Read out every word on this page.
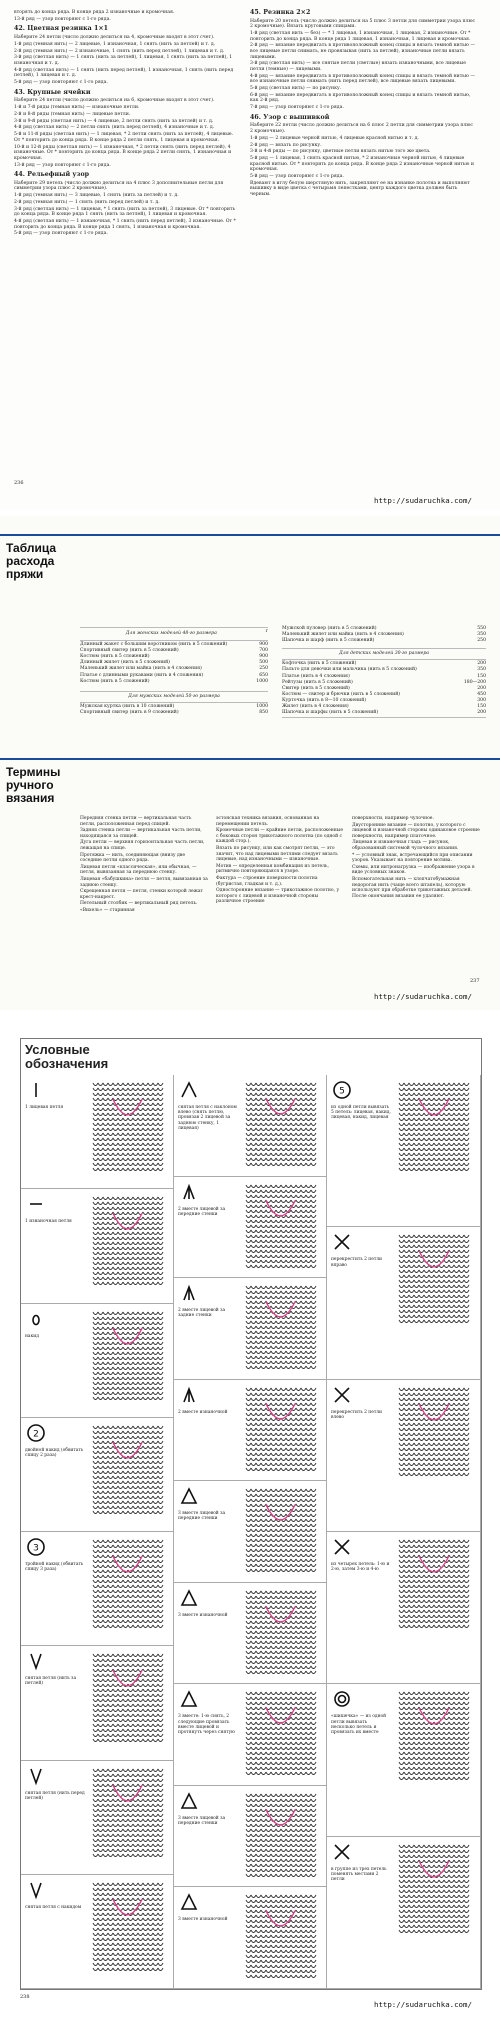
вторять до конца ряда. В конце ряда 2 изнаночные и кромочная.

13-й ряд — узор повторяют с 1-го ряда.

42. Цветная резинка 1×1

Наберите 24 петли (число должно делиться на 4, кромочные входят в этот счет).

1-й ряд (темная нить) — 2 лицевые, 1 изнаночная, 1 снять (нить за петлей) и т. д.

2-й ряд (темная нить) — 2 изнаночные, 1 снять (нить перед петлей), 1 лицевая и т. д.

3-й ряд (светлая нить) — 1 снять (нить за петлей), 1 лицевая, 1 снять (нить за петлей), 1 изнаночная и т. д.

4-й ряд (светлая нить) — 1 снять (нить перед петлей), 1 изнаночная, 1 снять (нить перед петлей), 1 лицевая и т. д.

5-й ряд — узор повторяют с 1-го ряда.

43. Крупные ячейки

Наберите 24 петли (число должно делиться на 6, кромочные входят в этот счет).

1-й и 7-й ряды (темная нить) — изнаночные петли.

2-й и 8-й ряды (темная нить) — лицевые петли.

3-й и 9-й ряды (светлая нить) — 4 лицевые, 2 петли снять (нить за петлей) и т. д.

4-й ряд (светлая нить) — 2 петли снять (нить перед петлей), 4 изнаночные и т. д.

5-й и 11-й ряды (светлая нить) — 1 лицевая, * 2 петли снять (нить за петлей), 4 лицевые. От * повторить до конца ряда. В конце ряда 2 петли снять, 1 лицевая и кромочная.

10-й и 12-й ряды (светлая нить) — 1 изнаночная, * 2 петли снять (нить перед петлей), 4 изнаночные. От * повторить до конца ряда. В конце ряда 2 петли снять, 1 изнаночная и кромочная.

13-й ряд — узор повторяют с 1-го ряда.

44. Рельефный узор

Наберите 29 петель (число должно делиться на 4 плюс 3 дополнительные петли для симметрии узора плюс 2 кромочные).

1-й ряд (темная нить) — 3 лицевые, 1 снять (нить за петлей) и т. д.

2-й ряд (темная нить) — 1 снять (нить перед петлей) и т. д.

3-й ряд (светлая нить) — 1 лицевая, * 1 снять (нить за петлей), 3 лицевые. От * повторить до конца ряда. В конце ряда 1 снять (нить за петлей), 1 лицевая и кромочная.

4-й ряд (светлая нить) — 1 изнаночная, * 1 снять (нить перед петлей), 3 изнаночные. От * повторить до конца ряда. В конце ряда 1 снять, 1 изнаночная и кромочная.

5-й ряд — узор повторяют с 1-го ряда.

45. Резинка 2×2

Наберите 20 петель (число должно делиться на 5 плюс 3 петли для симметрии узора плюс 2 кромочные). Вязать круговыми спицами.

1-й ряд (светлая нить — без) — * 1 лицевая, 1 изнаночная, 1 лицевая, 2 изнаночные. От * повторить до конца ряда. В конце ряда 1 лицевая, 1 изнаночная, 1 лицевая и кромочная.

2-й ряд — вязание передвигать в противоположный конец спицы и вязать темной нитью — все лицевые петли снимать, не провязывая (нить за петлей), изнаночные петли вязать лицевыми.

3-й ряд (светлая нить) — все снятые петли (светлые) вязать изнаночными, все лицевые петли (темные) — лицевыми.

4-й ряд — вязание передвигать в противоположный конец спицы и вязать темной нитью — все изнаночные петли снимать (нить перед петлей), все лицевые вязать лицевыми.

5-й ряд (светлая нить) — по рисунку.

6-й ряд — вязание передвигать в противоположный конец спицы и вязать темной нитью, как 2-й ряд.

7-й ряд — узор повторяют с 1-го ряда.

46. Узор с вышивкой

Наберите 22 петли (число должно делиться на 6 плюс 2 петли для симметрии узора плюс 2 кромочные).

1-й ряд — 2 лицевые черной нитью, 4 лицевые красной нитью и т. д.

2-й ряд — вязать по рисунку.

3-й и 4-й ряды — по рисунку, цветные петли вязать нитью того же цвета.

5-й ряд — 1 лицевая, 1 снять красной нитью, * 2 изнаночные черной нитью, 4 лицевые красной нитью. От * повторить до конца ряда. В конце ряда 2 изнаночные черной нитью и кромочная.

5-й ряд — узор повторяют с 1-го ряда.

Вдевают в иглу белую шерстяную нить, закрепляют ее на изнанке полотна и выполняют вышивку в виде цветка с четырьмя лепестками, центр каждого цветка должен быть черным.

236
http://sudaruchka.com/
Таблица
расхода
пряжи
Для женских моделей 48-го размера	г
Длинный жакет с большим воротником (нить в 5 сложений)	900
Спортивный свитер (нить в 5 сложений)	700
Костюм (нить в 5 сложений)	900
Длинный жилет (нить в 5 сложений)	500
Маленький жилет или майка (нить в 4 сложения)	250
Платье с длинными рукавами (нить в 4 сложения)	650
Костюм (нить в 5 сложений)	1000
Для мужских моделей 50-го размера
Мужская куртка (нить в 10 сложений)	1000
Спортивный свитер (нить в 9 сложений)	850
Мужской пуловер (нить в 5 сложений)	550
Маленький жилет или майка (нить в 4 сложения)	350
Шапочка и шарф (нить в 5 сложений)	250
Для детских моделей 30-го размера
Кофточка (нить в 5 сложений)	200
Пальто для девочки или мальчика (нить в 5 сложений)	350
Платье (нить в 4 сложения)	150
Рейтузы (нить в 5 сложений)	180—200
Свитер (нить в 5 сложений)	200
Костюм — свитер и брючки (нить в 5 сложений)	450
Курточка (нить в 8—10 сложений)	300
Жилет (нить в 4 сложения)	150
Шапочка и шарфы (нить в 5 сложений)	200
Термины
ручного
вязания

Передняя стенка петли — вертикальная часть петли, расположенная перед спицей.

Задняя стенка петли — вертикальная часть петли, находящаяся за спицей.

Дуга петли — верхняя горизонтальная часть петли, лежащая на спице.

Протяжка — нить, соединяющая (внизу две соседние петли одного ряда.

Лицевая петля «классическая», или обычная, — петля, вывязанная за переднюю стенку.

Лицевая «бабушкина» петля — петля, вывязанная за заднюю стенку.

Скрещенная петля — петля, стенки которой лежат крест-накрест.

Петельный столбик — вертикальный ряд петель.

«Вихель» — старинная

эстонская техника вязания, основанная на перемещении петель.

Кромочные петли — крайние петли, расположенные с боковых сторон трикотажного полотна (по одной с каждой стор.).

Вязать по рисунку, или как смотрят петли, — это значит, что над лицевыми петлями следует вязать лицевые, над изнаночными — изнаночные.

Мотив — определенная комбинация из петель, ритмично повторяющаяся в узоре.

Фактура — строение поверхности полотна (бугристая, гладкая и т. д.).

Односторонние вязание — трикотажное полотно, у которого с лицевой и изнаночной стороны различное строение

поверхности, например чулочное.

Двусторонние вязание — полотно, у которого с лицевой и изнаночной стороны одинаковое строение поверхности, например платочное.

Лицевая и изнаночная гладь — рисунок, образованный системой чулочного вязания.

* — условный знак, встречающийся при описании узоров. Указывает на повторение мотива.

Схемы, или нитронагрузка — изображение узора в виде условных знаков.

Вспомогательная нить — хлопчатобумажная недорогая нить (чаще всего штапель), которую используют при обработке трикотажных деталей. После окончания вязания ее удаляют.

237
http://sudaruchka.com/
Условные
обозначения
1 лицевая петля
1 изнаночная петля
накид
2
двойной накид (обвитать спицу 2 раза)
3
тройной накид (обвитать спицу 3 раза)
снятая петля (нить за петлей)
снятая петля (нить перед петлей)
снятая петля с накидом
снятая петля с наклоном влево (снять петлю, провязав 2 лицевой за заднюю стенку, 1 лицевая)
2 вместе лицевой за передние стенки
2 вместе лицевой за задние стенки
2 вместе изнаночной
3 вместе лицевой за передние стенки
3 вместе изнаночной
3 вместе: 1-ю снять, 2 следующие провязать вместе лицевой и протянуть через снятую
3 вместе лицевой за передние стенки
3 вместе изнаночной
5
из одной петли вывязать 5 петель: лицевая, накид, лицевая, накид, лицевая
перекрестить 2 петли вправо
перекрестить 2 петли влево
из четырех петель: 1-ю и 2-ю, затем 3-ю и 4-ю
«шишечка» — из одной петли вывязать несколько петель и провязать их вместе
в группе из трех петель поменять местами 2 петли
238
http://sudaruchka.com/
